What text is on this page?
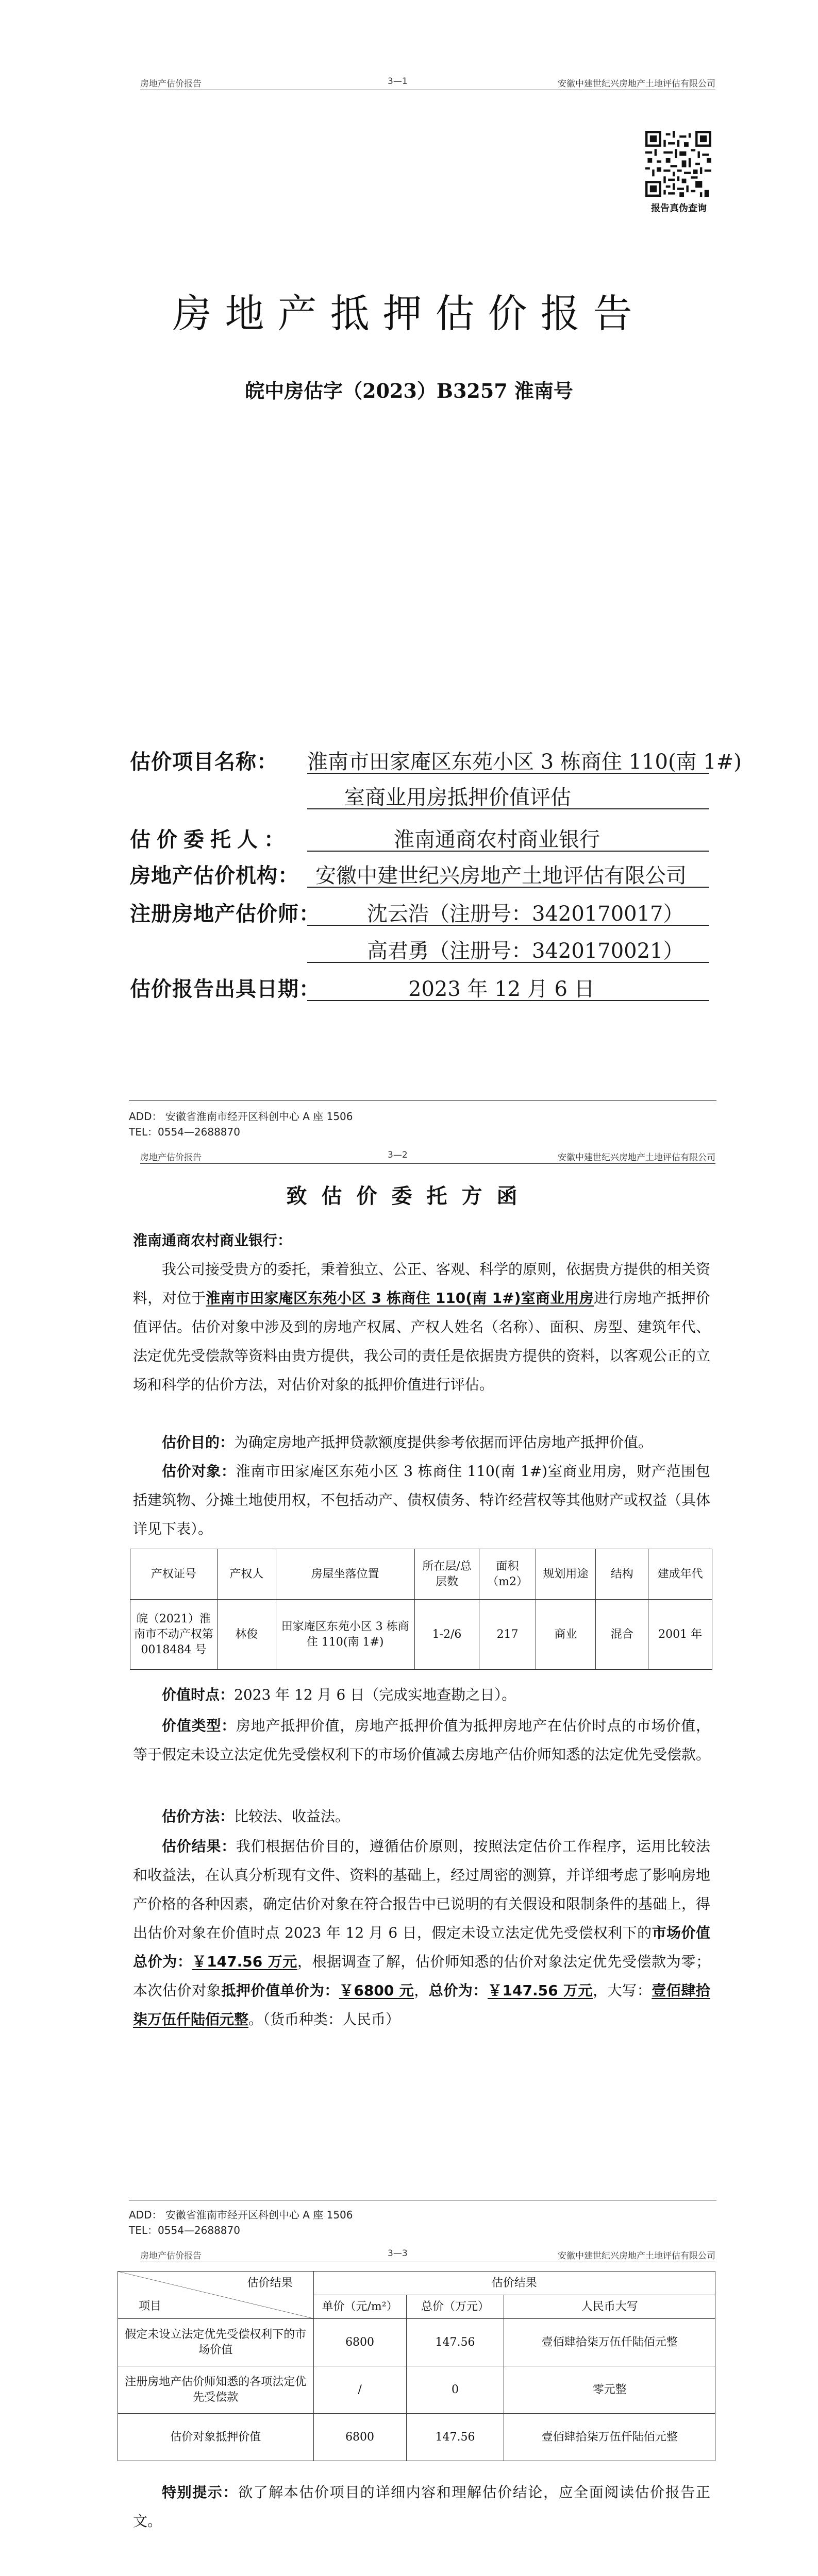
房地产估价报告	3—1	安徽中建世纪兴房地产土地评估有限公司
报告真伪查询
房地产抵押估价报告
皖中房估字（2023）B3257 淮南号
估价项目名称： 淮南市田家庵区东苑小区 3 栋商住 110(南 1#)
室商业用房抵押价值评估
估价委托人：	淮南通商农村商业银行
房地产估价机构： 安徽中建世纪兴房地产土地评估有限公司
注册房地产估价师： 沈云浩（注册号：3420170017）
高君勇（注册号：3420170021）
估价报告出具日期：	2023 年 12 月 6 日
ADD： 安徽省淮南市经开区科创中心 A 座 1506
TEL：0554—2688870
房地产估价报告	3—2	安徽中建世纪兴房地产土地评估有限公司
致估价委托方函
淮南通商农村商业银行：
我公司接受贵方的委托，秉着独立、公正、客观、科学的原则，依据贵方提供的相关资料，对位于淮南市田家庵区东苑小区 3 栋商住 110(南 1#)室商业用房进行房地产抵押价值评估。估价对象中涉及到的房地产权属、产权人姓名（名称）、面积、房型、建筑年代、法定优先受偿款等资料由贵方提供，我公司的责任是依据贵方提供的资料，以客观公正的立场和科学的估价方法，对估价对象的抵押价值进行评估。
估价目的：为确定房地产抵押贷款额度提供参考依据而评估房地产抵押价值。
估价对象：淮南市田家庵区东苑小区 3 栋商住 110(南 1#)室商业用房，财产范围包括建筑物、分摊土地使用权，不包括动产、债权债务、特许经营权等其他财产或权益（具体详见下表）。
产权证号	产权人	房屋坐落位置	所在层/总层数	面积（m2）	规划用途	结构	建成年代
皖（2021）淮南市不动产权第 0018484 号	林俊	田家庵区东苑小区 3 栋商住 110(南 1#)	1-2/6	217	商业	混合	2001 年
价值时点：2023 年 12 月 6 日（完成实地查勘之日）。
价值类型：房地产抵押价值，房地产抵押价值为抵押房地产在估价时点的市场价值，等于假定未设立法定优先受偿权利下的市场价值减去房地产估价师知悉的法定优先受偿款。
估价方法：比较法、收益法。
估价结果：我们根据估价目的，遵循估价原则，按照法定估价工作程序，运用比较法和收益法，在认真分析现有文件、资料的基础上，经过周密的测算，并详细考虑了影响房地产价格的各种因素，确定估价对象在符合报告中已说明的有关假设和限制条件的基础上，得出估价对象在价值时点 2023 年 12 月 6 日，假定未设立法定优先受偿权利下的市场价值总价为：￥147.56 万元，根据调查了解，估价师知悉的估价对象法定优先受偿款为零；本次估价对象抵押价值单价为：￥6800 元，总价为：￥147.56 万元，大写：壹佰肆拾柒万伍仟陆佰元整。（货币种类：人民币）
ADD： 安徽省淮南市经开区科创中心 A 座 1506
TEL：0554—2688870
房地产估价报告	3—3	安徽中建世纪兴房地产土地评估有限公司
估价结果
项目	估价结果		
	单价（元/m²）	总价（万元）	人民币大写
假定未设立法定优先受偿权利下的市场价值	6800	147.56	壹佰肆拾柒万伍仟陆佰元整
注册房地产估价师知悉的各项法定优先受偿款	/	0	零元整
估价对象抵押价值	6800	147.56	壹佰肆拾柒万伍仟陆佰元整
特别提示：欲了解本估价项目的详细内容和理解估价结论，应全面阅读估价报告正文。
